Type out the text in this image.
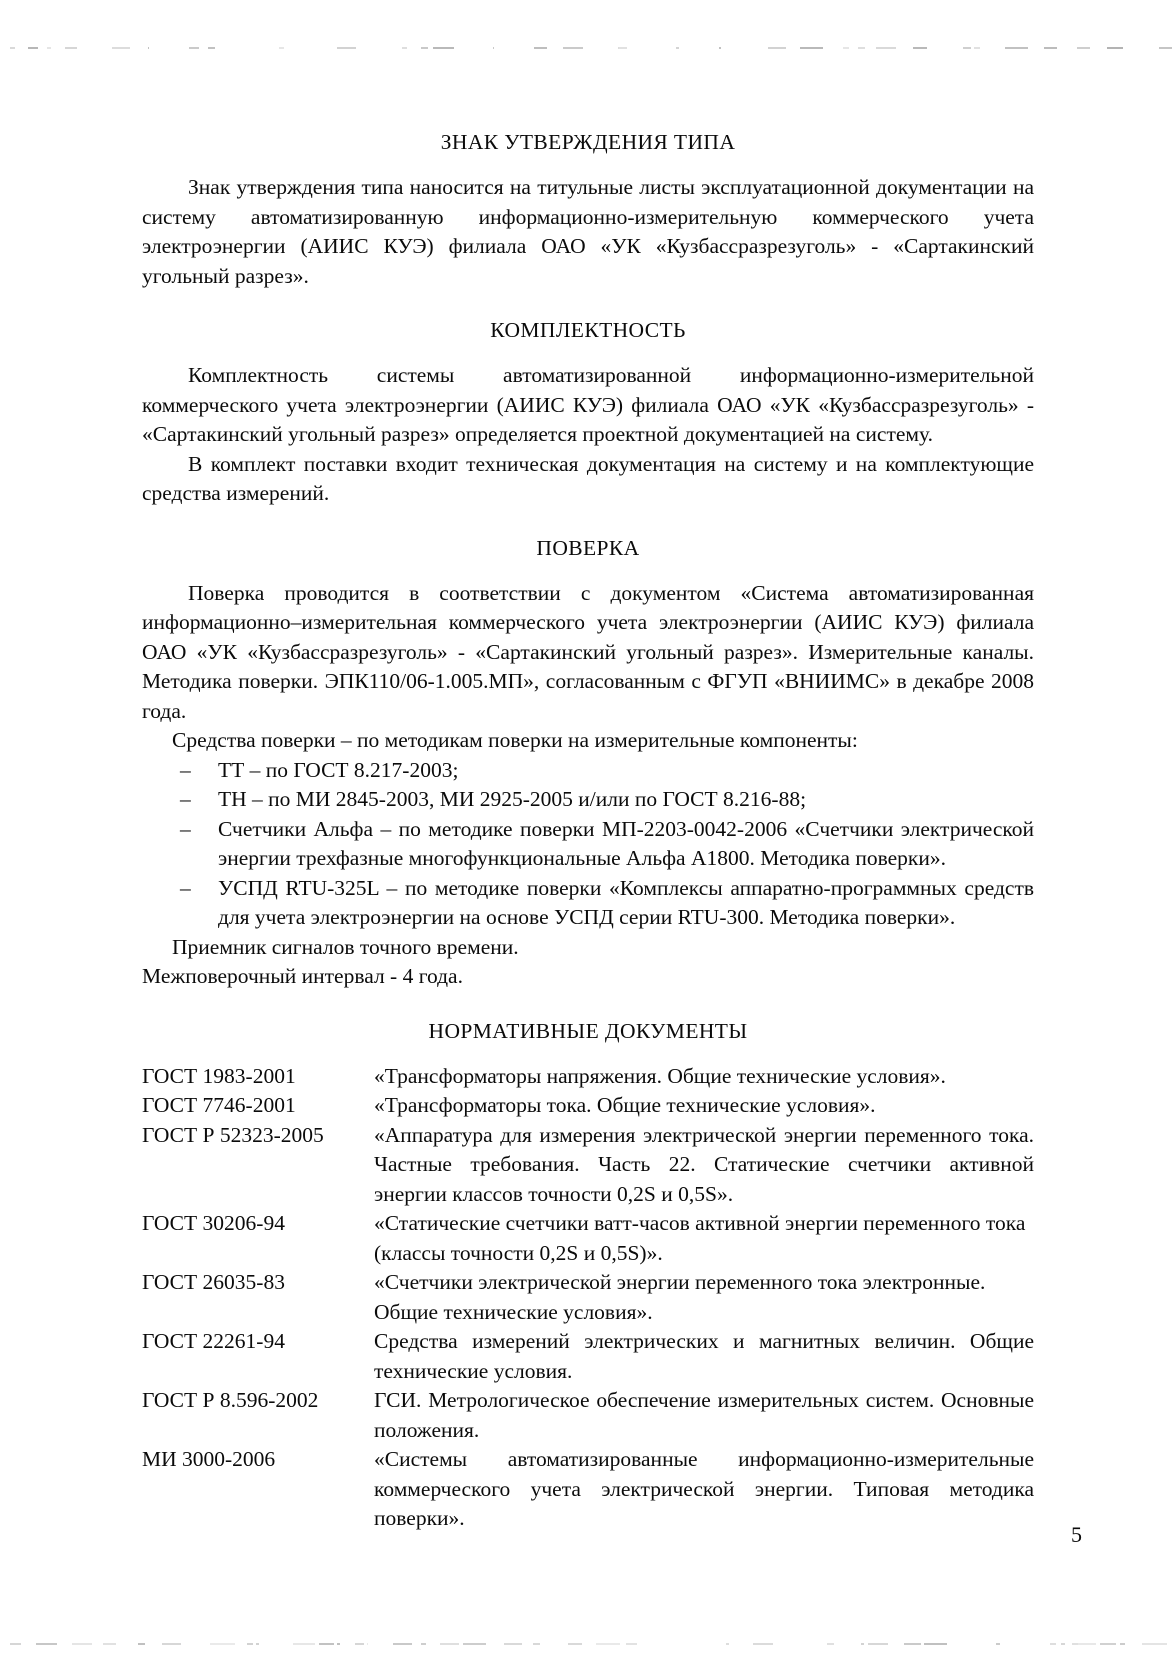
ЗНАК УТВЕРЖДЕНИЯ ТИПА

Знак утверждения типа наносится на титульные листы эксплуатационной документации на систему автоматизированную информационно-измерительную коммерческого учета электроэнергии (АИИС КУЭ) филиала ОАО «УК «Кузбассразрезуголь» - «Сартакинский угольный разрез».

КОМПЛЕКТНОСТЬ

Комплектность системы автоматизированной информационно-измерительной коммерческого учета электроэнергии (АИИС КУЭ) филиала ОАО «УК «Кузбассразрезуголь» - «Сартакинский угольный разрез» определяется проектной документацией на систему.

В комплект поставки входит техническая документация на систему и на комплектующие средства измерений.

ПОВЕРКА

Поверка проводится в соответствии с документом «Система автоматизированная информационно–измерительная коммерческого учета электроэнергии (АИИС КУЭ) филиала ОАО «УК «Кузбассразрезуголь» - «Сартакинский угольный разрез». Измерительные каналы. Методика поверки. ЭПК110/06-1.005.МП», согласованным с ФГУП «ВНИИМС» в декабре 2008 года.

Средства поверки – по методикам поверки на измерительные компоненты:

– ТТ – по ГОСТ 8.217-2003;
– ТН – по МИ 2845-2003, МИ 2925-2005 и/или по ГОСТ 8.216-88;
– Счетчики Альфа – по методике поверки МП-2203-0042-2006 «Счетчики электрической энергии трехфазные многофункциональные Альфа А1800. Методика поверки».
– УСПД RTU-325L – по методике поверки «Комплексы аппаратно-программных средств для учета электроэнергии на основе УСПД серии RTU-300. Методика поверки».

Приемник сигналов точного времени.

Межповерочный интервал - 4 года.

НОРМАТИВНЫЕ ДОКУМЕНТЫ
ГОСТ 1983-2001	«Трансформаторы напряжения. Общие технические условия».
ГОСТ 7746-2001	«Трансформаторы тока. Общие технические условия».
ГОСТ Р 52323-2005	«Аппаратура для измерения электрической энергии переменного тока. Частные требования. Часть 22. Статические счетчики активной энергии классов точности 0,2S и 0,5S».
ГОСТ 30206-94	«Статические счетчики ватт-часов активной энергии переменного тока (классы точности 0,2S и 0,5S)».
ГОСТ 26035-83	«Счетчики электрической энергии переменного тока электронные. Общие технические условия».
ГОСТ 22261-94	Средства измерений электрических и магнитных величин. Общие технические условия.
ГОСТ Р 8.596-2002	ГСИ. Метрологическое обеспечение измерительных систем. Основные положения.
МИ 3000-2006	«Системы автоматизированные информационно-измерительные коммерческого учета электрической энергии. Типовая методика поверки».
5
